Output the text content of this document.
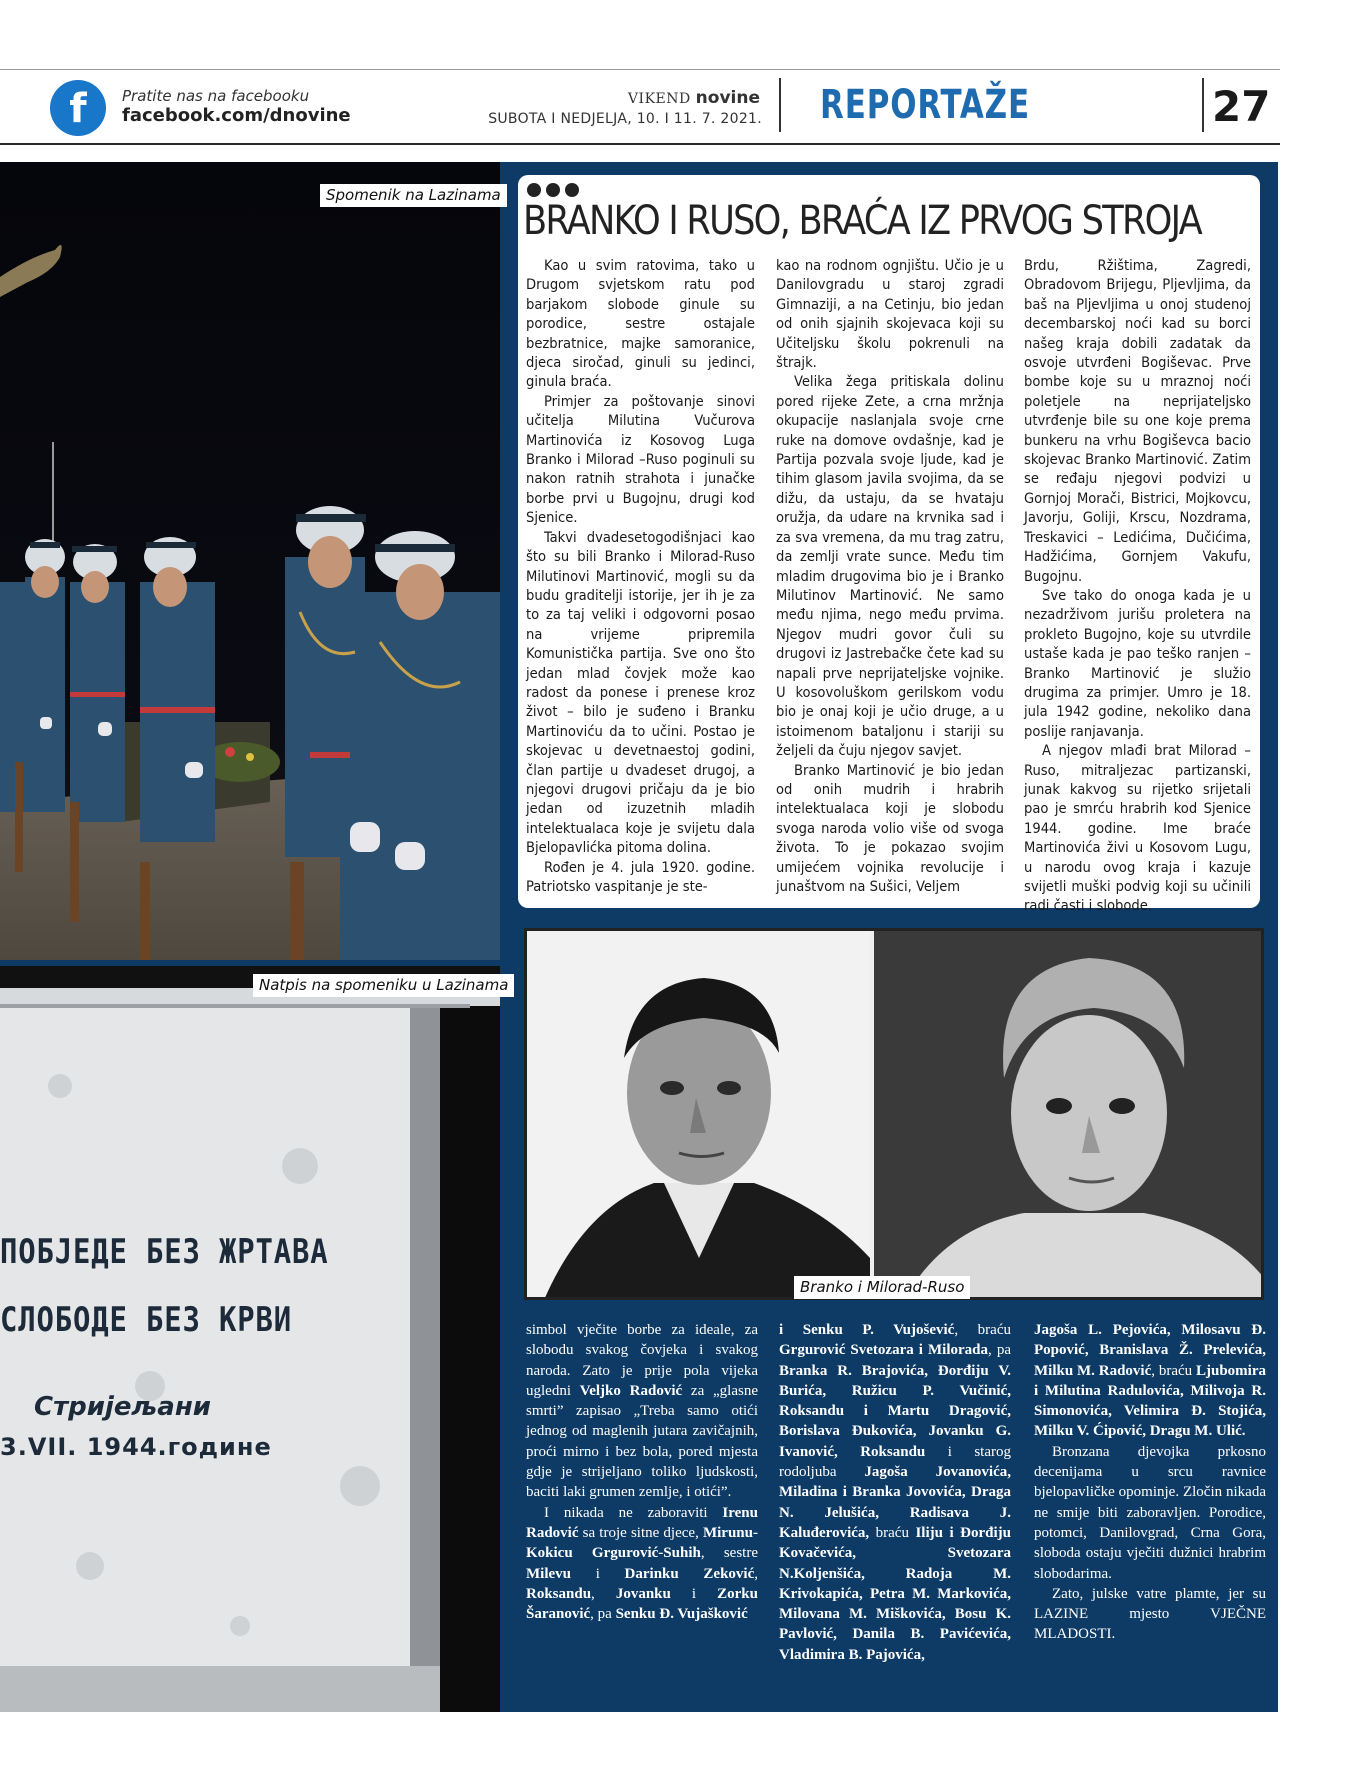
f	Pratite nas na facebooku
facebook.com/dnovine
VIKEND novine
SUBOTA I NEDJELJA, 10. I 11. 7. 2021. REPORTAŽE	27
Spomenik na Lazinama
ПОБЈЕДЕ БЕЗ ЖРТАВА
СЛОБОДЕ БЕЗ КРВИ
Стријељани
3.VII. 1944.године
Natpis na spomeniku u Lazinama
BRANKO I RUSO, BRAĆA IZ PRVOG STROJA

Kao u svim ratovima, tako u Drugom svjetskom ratu pod barjakom slobode ginule su porodice, sestre ostajale bezbratnice, majke samoranice, djeca siročad, ginuli su jedinci, ginula braća.

Primjer za poštovanje sinovi učitelja Milutina Vučurova Martinovića iz Kosovog Luga Branko i Milorad –Ruso poginuli su nakon ratnih strahota i junačke borbe prvi u Bugojnu, drugi kod Sjenice.

Takvi dvadesetogodišnjaci kao što su bili Branko i Milorad-Ruso Milutinovi Martinović, mogli su da budu graditelji istorije, jer ih je za to za taj veliki i odgovorni posao na vrijeme pripremila Komunistička partija. Sve ono što jedan mlad čovjek može kao radost da ponese i prenese kroz život – bilo je suđeno i Branku Martinoviću da to učini. Postao je skojevac u devetnaestoj godini, član partije u dvadeset drugoj, a njegovi drugovi pričaju da je bio jedan od izuzetnih mladih intelektualaca koje je svijetu dala Bjelopavlićka pitoma dolina.

Rođen je 4. jula 1920. godine. Patriotsko vaspitanje je ste-

kao na rodnom ognjištu. Učio je u Danilovgradu u staroj zgradi Gimnaziji, a na Cetinju, bio jedan od onih sjajnih skojevaca koji su Učiteljsku školu pokrenuli na štrajk.

Velika žega pritiskala dolinu pored rijeke Zete, a crna mržnja okupacije naslanjala svoje crne ruke na domove ovdašnje, kad je Partija pozvala svoje ljude, kad je tihim glasom javila svojima, da se dižu, da ustaju, da se hvataju oružja, da udare na krvnika sad i za sva vremena, da mu trag zatru, da zemlji vrate sunce. Među tim mladim drugovima bio je i Branko Milutinov Martinović. Ne samo među njima, nego među prvima. Njegov mudri govor čuli su drugovi iz Jastrebačke čete kad su napali prve neprijateljske vojnike. U kosovoluškom gerilskom vodu bio je onaj koji je učio druge, a u istoimenom bataljonu i stariji su željeli da čuju njegov savjet.

Branko Martinović je bio jedan od onih mudrih i hrabrih intelektualaca koji je slobodu svoga naroda volio više od svoga života. To je pokazao svojim umijećem vojnika revolucije i junaštvom na Sušici, Veljem

Brdu, Ržištima, Zagredi, Obradovom Brijegu, Pljevljima, da baš na Pljevljima u onoj studenoj decembarskoj noći kad su borci našeg kraja dobili zadatak da osvoje utvrđeni Bogiševac. Prve bombe koje su u mraznoj noći poletjele na neprijateljsko utvrđenje bile su one koje prema bunkeru na vrhu Bogiševca bacio skojevac Branko Martinović. Zatim se ređaju njegovi podvizi u Gornjoj Morači, Bistrici, Mojkovcu, Javorju, Goliji, Krscu, Nozdrama, Treskavici – Ledićima, Dučićima, Hadžićima, Gornjem Vakufu, Bugojnu.

Sve tako do onoga kada je u nezadrživom jurišu proletera na prokleto Bugojno, koje su utvrdile ustaše kada je pao teško ranjen – Branko Martinović je služio drugima za primjer. Umro je 18. jula 1942 godine, nekoliko dana poslije ranjavanja.

A njegov mlađi brat Milorad – Ruso, mitraljezac partizanski, junak kakvog su rijetko srijetali pao je smrću hrabrih kod Sjenice 1944. godine. Ime braće Martinovića živi u Kosovom Lugu, u narodu ovog kraja i kazuje svijetli muški podvig koji su učinili radi časti i slobode.

Branko i Milorad-Ruso

simbol vječite borbe za ideale, za slobodu svakog čovjeka i svakog naroda. Zato je prije pola vijeka ugledni Veljko Radović za „glasne smrti” zapisao „Treba samo otići jednog od maglenih jutara zavičajnih, proći mirno i bez bola, pored mjesta gdje je strijeljano toliko ljudskosti, baciti laki grumen zemlje, i otići”.

I nikada ne zaboraviti Irenu Radović sa troje sitne djece, Mirunu-Kokicu Grgurović-Suhih, sestre Milevu i Darinku Zeković, Roksandu, Jovanku i Zorku Šaranović, pa Senku Đ. Vujašković

i Senku P. Vujošević, braću Grgurović Svetozara i Milorada, pa Branka R. Brajovića, Đorđiju V. Burića, Ružicu P. Vučinić, Roksandu i Martu Dragović, Borislava Đukovića, Jovanku G. Ivanović, Roksandu i starog rodoljuba Jagoša Jovanovića, Miladina i Branka Jovovića, Draga N. Jelušića, Radisava J. Kaluđerovića, braću Iliju i Đorđiju Kovačevića, Svetozara N.Koljenšića, Radoja M. Krivokapića, Petra M. Markovića, Milovana M. Miškovića, Bosu K. Pavlović, Danila B. Pavićevića, Vladimira B. Pajovića,

Jagoša L. Pejovića, Milosavu Đ. Popović, Branislava Ž. Prelevića, Milku M. Radović, braću Ljubomira i Milutina Radulovića, Milivoja R. Simonovića, Velimira Đ. Stojića, Milku V. Ćipović, Dragu M. Ulić.

Bronzana djevojka prkosno decenijama u srcu ravnice bjelopavličke opominje. Zločin nikada ne smije biti zaboravljen. Porodice, potomci, Danilovgrad, Crna Gora, sloboda ostaju vječiti dužnici hrabrim slobodarima.

Zato, julske vatre plamte, jer su LAZINE mjesto VJEČNE MLADOSTI.
